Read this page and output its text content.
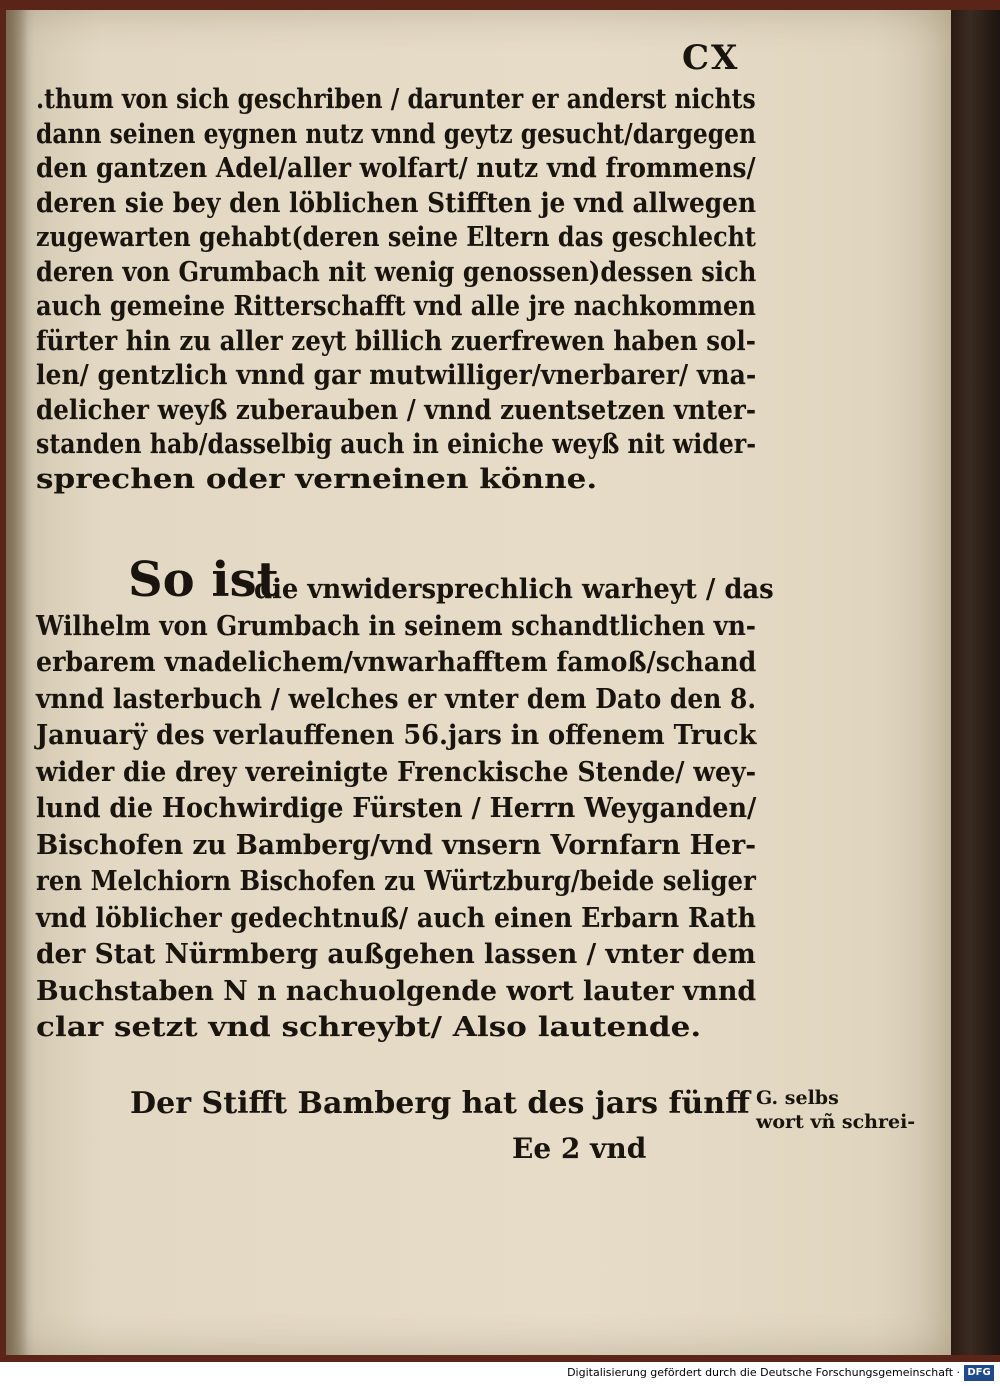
CX
.thum von sich geschriben / darunter er anderst nichts
dann seinen eygnen nutz vnnd geytz gesucht/dargegen
den gantzen Adel/aller wolfart/ nutz vnd frommens/
deren sie bey den löblichen Stifften je vnd allwegen
zugewarten gehabt(deren seine Eltern das geschlecht
deren von Grumbach nit wenig genossen)dessen sich
auch gemeine Ritterschafft vnd alle jre nachkommen
fürter hin zu aller zeyt billich zuerfrewen haben sol-
len/ gentzlich vnnd gar mutwilliger/vnerbarer/ vna-
delicher weyß zuberauben / vnnd zuentsetzen vnter-
standen hab/dasselbig auch in einiche weyß nit wider-
sprechen oder verneinen könne.
So ist
die vnwidersprechlich warheyt / das
Wilhelm von Grumbach in seinem schandtlichen vn-
erbarem vnadelichem/vnwarhafftem famoß/schand
vnnd lasterbuch / welches er vnter dem Dato den 8.
Januarÿ des verlauffenen 56.jars in offenem Truck
wider die drey vereinigte Frenckische Stende/ wey-
lund die Hochwirdige Fürsten / Herrn Weyganden/
Bischofen zu Bamberg/vnd vnsern Vornfarn Her-
ren Melchiorn Bischofen zu Würtzburg/beide seliger
vnd löblicher gedechtnuß/ auch einen Erbarn Rath
der Stat Nürmberg außgehen lassen / vnter dem
Buchstaben N n nachuolgende wort lauter vnnd
clar setzt vnd schreybt/ Also lautende.
Der Stifft Bamberg hat des jars fünff
Ee 2 vnd
G. selbs
wort vñ schrei-
Digitalisierung gefördert durch die Deutsche Forschungsgemeinschaft · DFG
